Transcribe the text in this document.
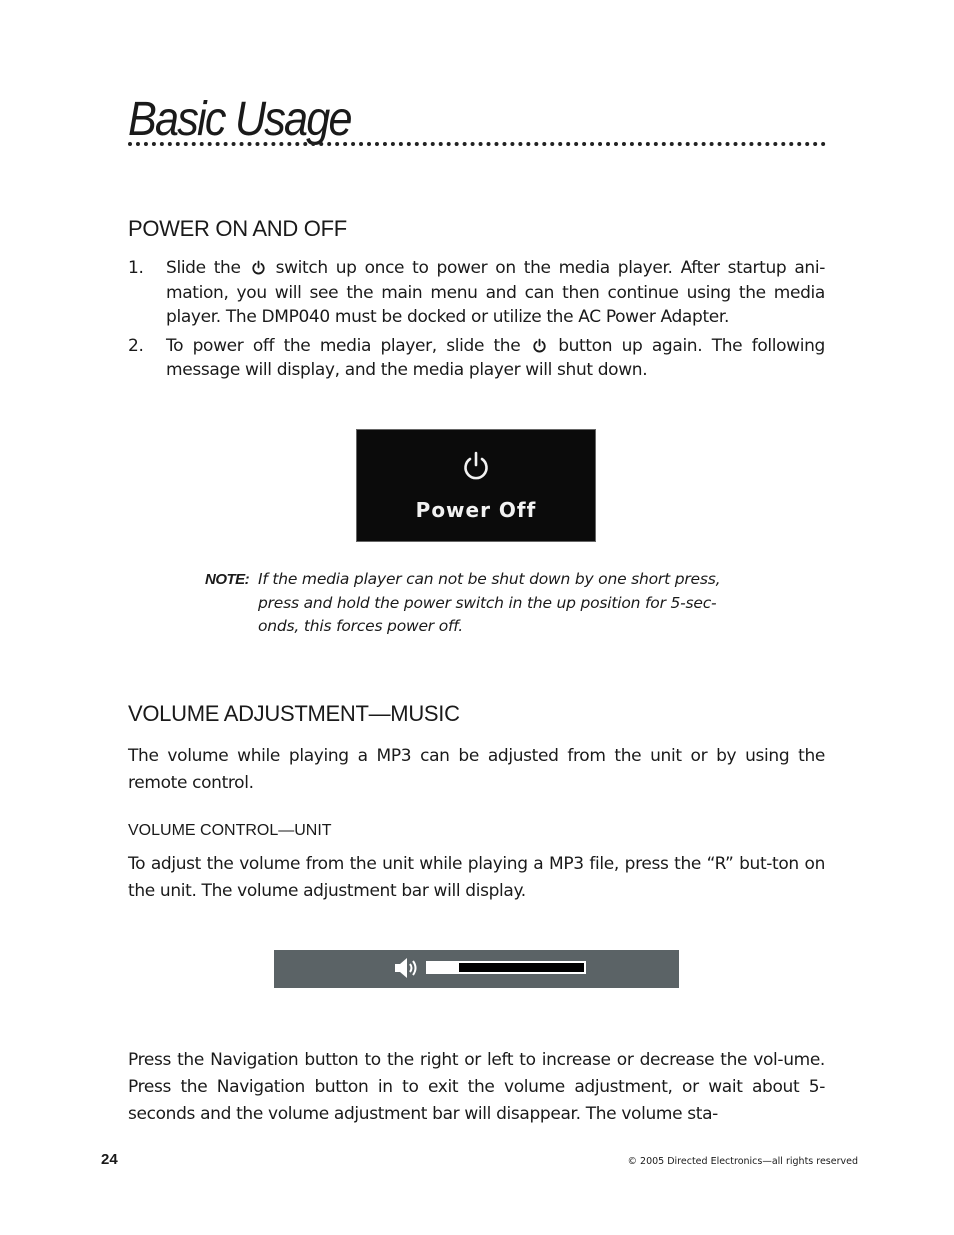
Basic Usage
POWER ON AND OFF
1.	Slide the switch up once to power on the media player. After startup ani-mation, you will see the main menu and can then continue using the media player. The DMP040 must be docked or utilize the AC Power Adapter.
2.	To power off the media player, slide the button up again. The following message will display, and the media player will shut down.
Power Off
NOTE: If the media player can not be shut down by one short press, press and hold the power switch in the up position for 5-sec-onds, this forces power off.
VOLUME ADJUSTMENT—MUSIC

The volume while playing a MP3 can be adjusted from the unit or by using the remote control.

VOLUME CONTROL—UNIT

To adjust the volume from the unit while playing a MP3 file, press the “R” but-ton on the unit. The volume adjustment bar will display.

Press the Navigation button to the right or left to increase or decrease the vol-ume. Press the Navigation button in to exit the volume adjustment, or wait about 5-seconds and the volume adjustment bar will disappear. The volume sta-

24	© 2005 Directed Electronics—all rights reserved
